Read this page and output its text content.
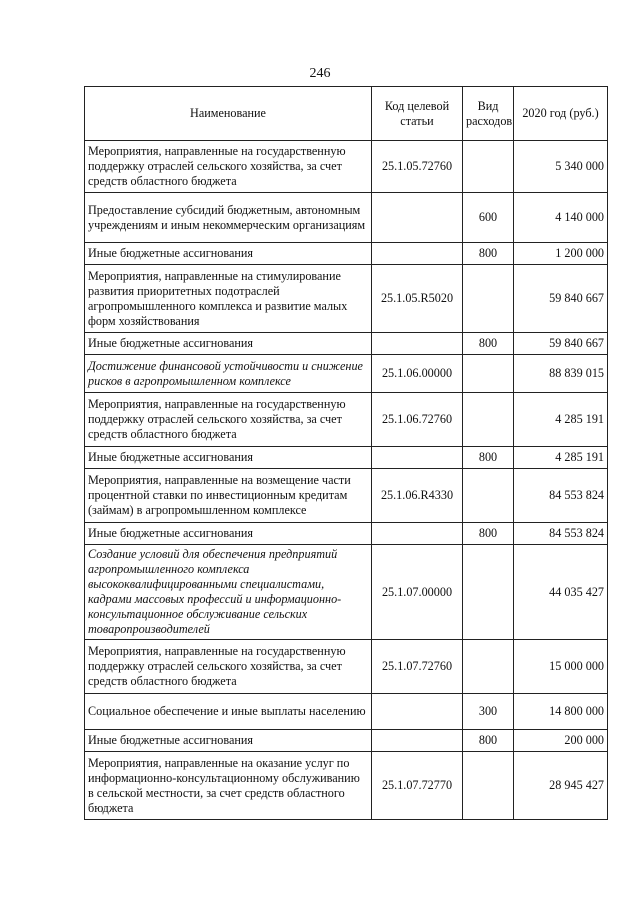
246
Наименование	Код целевой статьи	Вид расходов	2020 год (руб.)
Мероприятия, направленные на государственную поддержку отраслей сельского хозяйства, за счет средств областного бюджета	25.1.05.72760		5 340 000
Предоставление субсидий бюджетным, автономным учреждениям и иным некоммерческим организациям		600	4 140 000
Иные бюджетные ассигнования		800	1 200 000
Мероприятия, направленные на стимулирование развития приоритетных подотраслей агропромышленного комплекса и развитие малых форм хозяйствования	25.1.05.R5020		59 840 667
Иные бюджетные ассигнования		800	59 840 667
Достижение финансовой устойчивости и снижение рисков в агропромышленном комплексе	25.1.06.00000		88 839 015
Мероприятия, направленные на государственную поддержку отраслей сельского хозяйства, за счет средств областного бюджета	25.1.06.72760		4 285 191
Иные бюджетные ассигнования		800	4 285 191
Мероприятия, направленные на возмещение части процентной ставки по инвестиционным кредитам (займам) в агропромышленном комплексе	25.1.06.R4330		84 553 824
Иные бюджетные ассигнования		800	84 553 824
Создание условий для обеспечения предприятий агропромышленного комплекса высококвалифицированными специалистами, кадрами массовых профессий и информационно-консультационное обслуживание сельских товаропроизводителей	25.1.07.00000		44 035 427
Мероприятия, направленные на государственную поддержку отраслей сельского хозяйства, за счет средств областного бюджета	25.1.07.72760		15 000 000
Социальное обеспечение и иные выплаты населению		300	14 800 000
Иные бюджетные ассигнования		800	200 000
Мероприятия, направленные на оказание услуг по информационно-консультационному обслуживанию в сельской местности, за счет средств областного бюджета	25.1.07.72770		28 945 427
